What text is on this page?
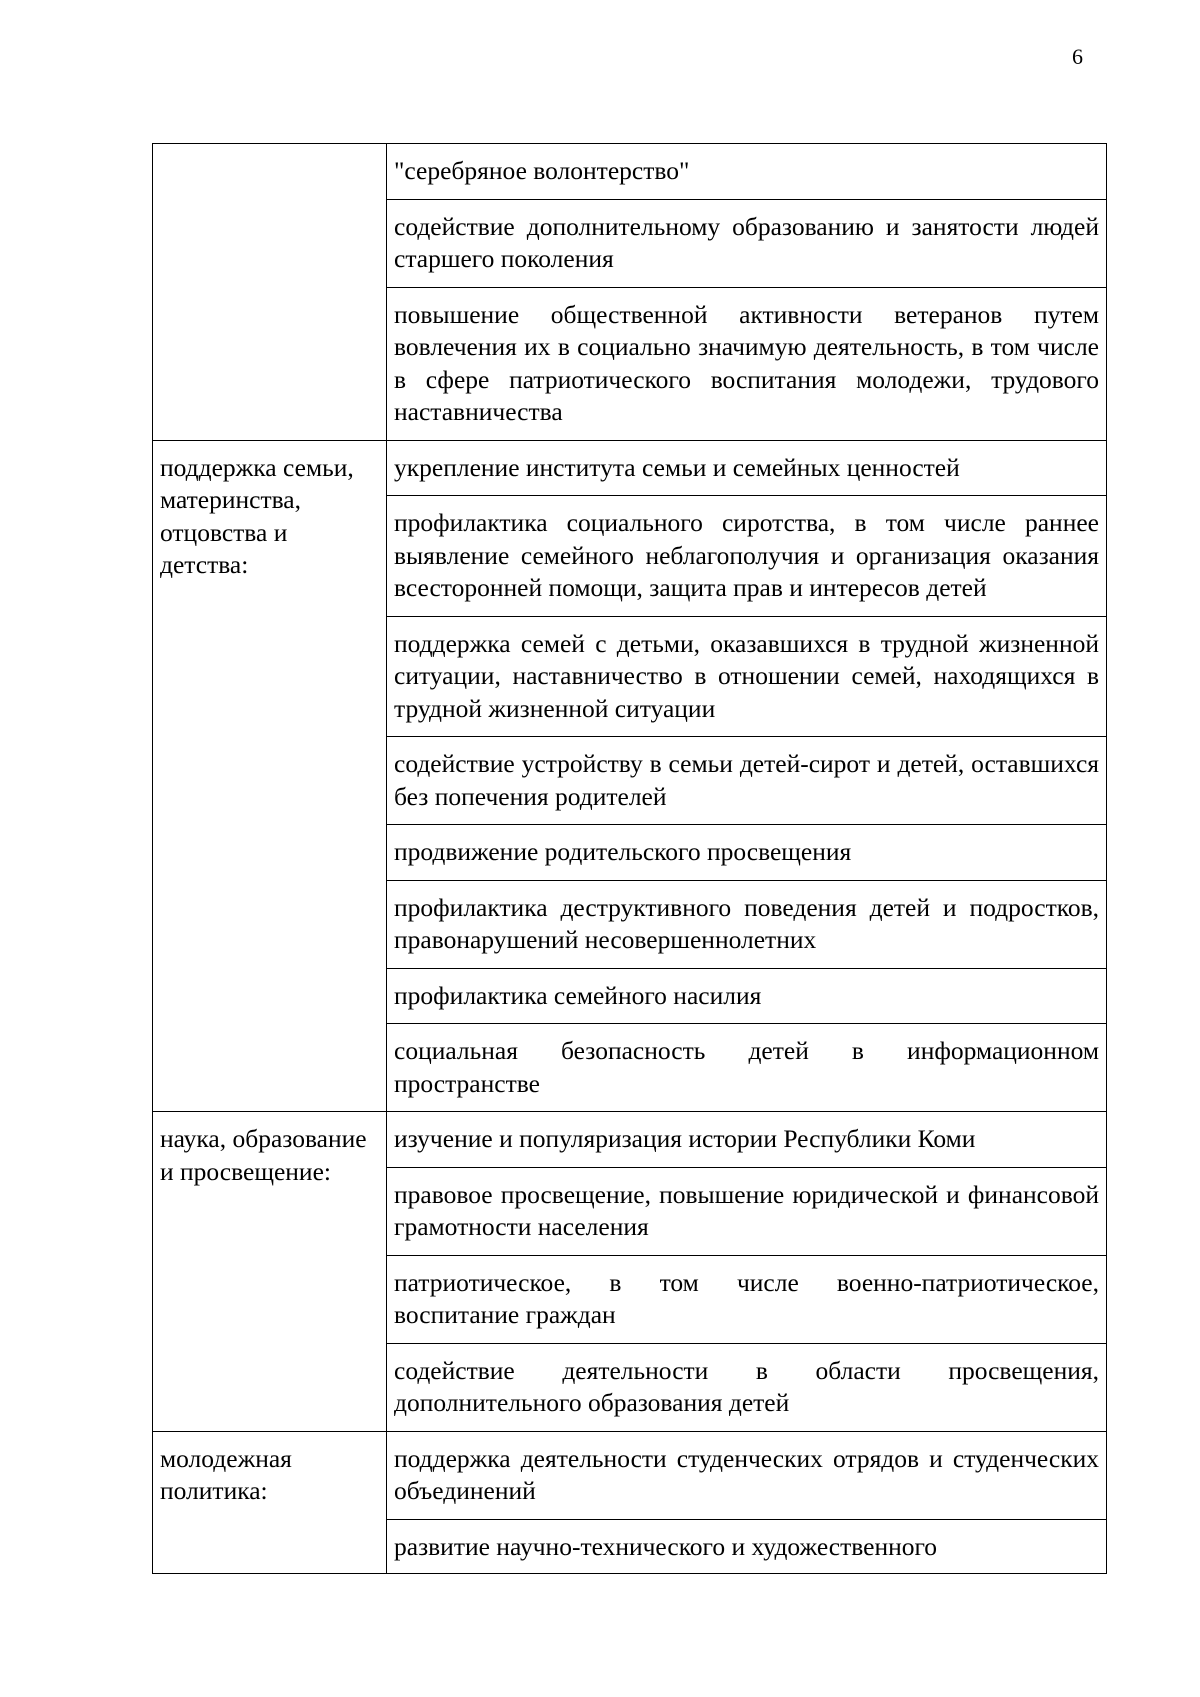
6
	"серебряное волонтерство"
	содействие дополнительному образованию и занятости людей старшего поколения
	повышение общественной активности ветеранов путем вовлечения их в социально значимую деятельность, в том числе в сфере патриотического воспитания молодежи, трудового наставничества
поддержка семьи, материнства, отцовства и детства:	укрепление института семьи и семейных ценностей
	профилактика социального сиротства, в том числе раннее выявление семейного неблагополучия и организация оказания всесторонней помощи, защита прав и интересов детей
	поддержка семей с детьми, оказавшихся в трудной жизненной ситуации, наставничество в отношении семей, находящихся в трудной жизненной ситуации
	содействие устройству в семьи детей-сирот и детей, оставшихся без попечения родителей
	продвижение родительского просвещения
	профилактика деструктивного поведения детей и подростков, правонарушений несовершеннолетних
	профилактика семейного насилия
	социальная безопасность детей в информационном пространстве
наука, образование и просвещение:	изучение и популяризация истории Республики Коми
	правовое просвещение, повышение юридической и финансовой грамотности населения
	патриотическое, в том числе военно-патриотическое, воспитание граждан
	содействие деятельности в области просвещения, дополнительного образования детей
молодежная политика:	поддержка деятельности студенческих отрядов и студенческих объединений
	развитие научно-технического и художественного
